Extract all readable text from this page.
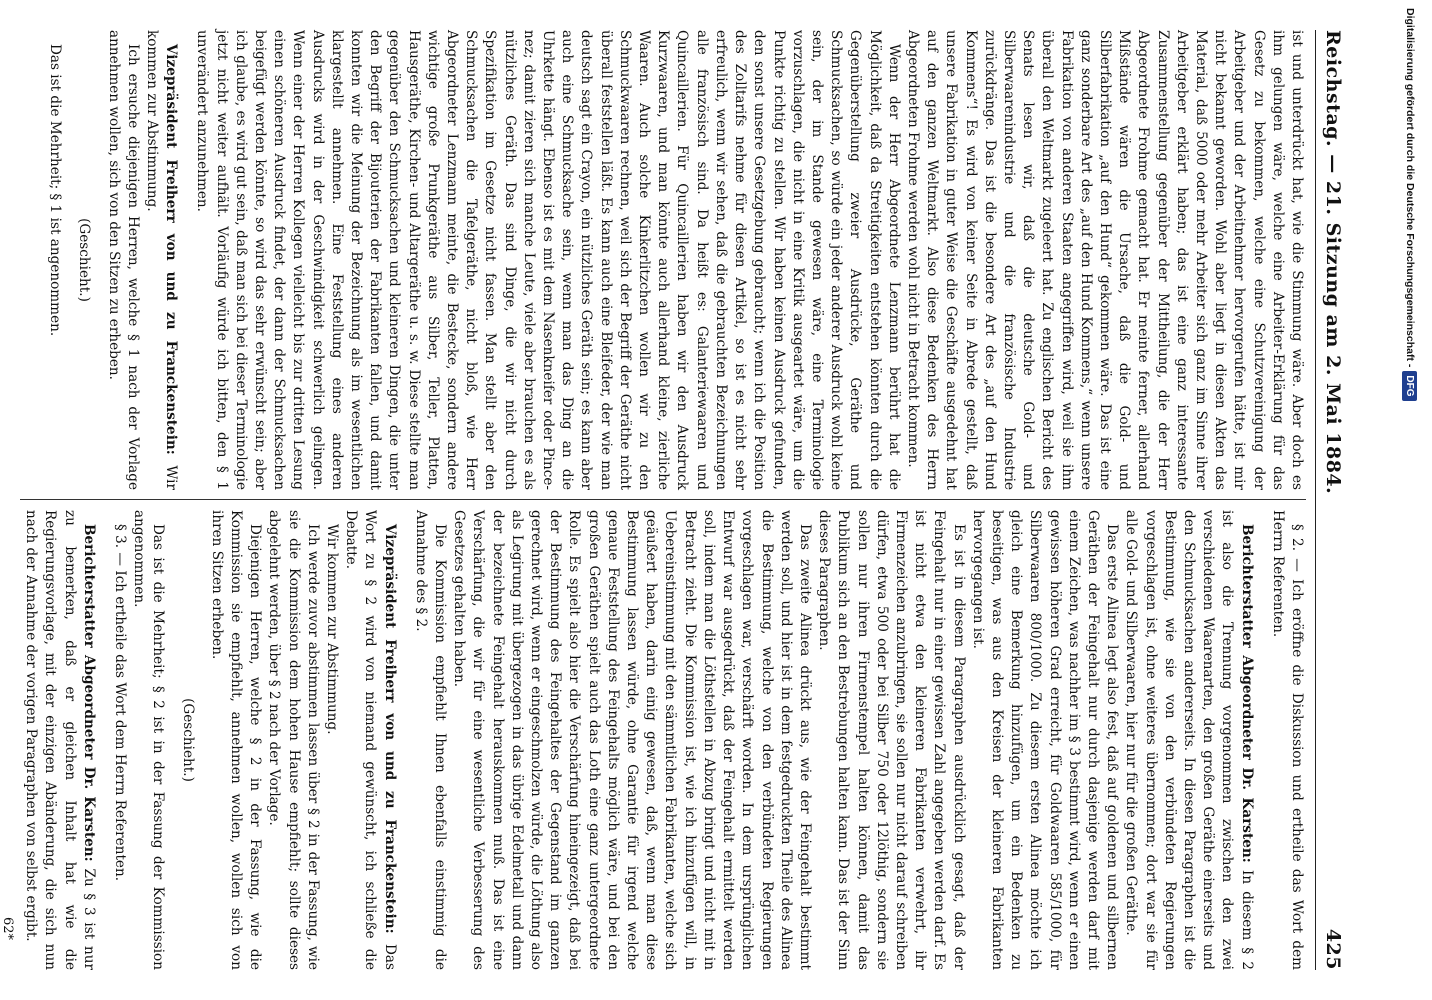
Reichstag. — 21. Sitzung am 2. Mai 1884.
425

ist und unterdrückt hat, wie die Stimmung wäre. Aber doch es ihm gelungen wäre, welche eine Arbeiter-Erklärung für das Gesetz zu bekommen, welche eine Schutzvereinigung der Arbeitgeber und der Arbeitnehmer hervorgerufen hätte, ist mir nicht bekannt geworden. Wohl aber liegt in diesen Akten das Material, daß 5000 oder mehr Arbeiter sich ganz im Sinne ihrer Arbeitgeber erklärt haben; das ist eine ganz interessante Zusammenstellung gegenüber der Mittheilung, die der Herr Abgeordnete Frohme gemacht hat. Er meinte ferner, allerhand Mißstände wären die Ursache, daß die Gold- und Silberfabrikation „auf den Hund“ gekommen wäre. Das ist eine ganz sonderbare Art des „auf den Hund Kommens,“ wenn unsere Fabrikation von anderen Staaten angegriffen wird, weil sie ihm überall den Weltmarkt zugeleert hat. Zu englischen Bericht des Senats lesen wir, daß die deutsche Gold- und Silberwaarenindustrie und die französische Industrie zurückdränge. Das ist die besondere Art des „auf den Hund Kommens“! Es wird von keiner Seite in Abrede gestellt, daß unsere Fabrikation in guter Weise die Geschäfte ausgedehnt hat auf den ganzen Weltmarkt. Also diese Bedenken des Herrn Abgeordneten Frohme werden wohl nicht in Betracht kommen.

Wenn der Herr Abgeordnete Lenzmann berührt hat die Möglichkeit, daß da Streitigkeiten entstehen könnten durch die Gegenüberstellung zweier Ausdrücke, Geräthe und Schmucksachen, so würde ein jeder anderer Ausdruck wohl keine sein, der im Stande gewesen wäre, eine Terminologie vorzuschlagen, die nicht in eine Kritik ausgeartet wäre, um die Punkte richtig zu stellen. Wir haben keinen Ausdruck gefunden, den sonst unsere Gesetzgebung gebraucht; wenn ich die Position des Zolltarifs nehme für diesen Artikel, so ist es nicht sehr erfreulich, wenn wir sehen, daß die gebrauchten Bezeichnungen alle französisch sind. Da heißt es: Galanteriewaaren und Quincaillerien. Für Quincaillerien haben wir den Ausdruck Kurzwaaren, und man könnte auch allerhand kleine, zierliche Waaren. Auch solche Kinkerlitzchen wollen wir zu den Schmuckwaaren rechnen, weil sich der Begriff der Geräthe nicht überall feststellen läßt. Es kann auch eine Bleifeder, der wie man deutsch sagt ein Crayon, ein nützliches Geräth sein; es kann aber auch eine Schmucksache sein, wenn man das Ding an die Uhrkette hängt. Ebenso ist es mit dem Nasenkneifer oder Pince-nez; damit zieren sich manche Leute, viele aber brauchen es als nützliches Geräth. Das sind Dinge, die wir nicht durch Spezifikation im Gesetze nicht fassen. Man stellt aber den Schmucksachen die Tafelgeräthe, nicht bloß, wie Herr Abgeordneter Lenzmann meinte, die Bestecke, sondern andere wichtige große Prunkgeräthe aus Silber, Teller, Platten, Hausgeräthe, Kirchen- und Altargeräthe u. s. w. Diese stellte man gegenüber den Schmucksachen und kleineren Dingen, die unter den Begriff der Bijouterien der Fabrikanten fallen, und damit konnten wir die Meinung der Bezeichnung als im wesentlichen klargestellt annehmen. Eine Feststellung eines anderen Ausdrucks wird in der Geschwindigkeit schwerlich gelingen. Wenn einer der Herren Kollegen vielleicht bis zur dritten Lesung einen schöneren Ausdruck findet, der dann der Schmucksachen beigefügt werden könnte, so wird das sehr erwünscht sein; aber ich glaube, es wird gut sein, daß man sich bei dieser Terminologie jetzt nicht weiter aufhält. Vorläufig würde ich bitten, den § 1 unverändert anzunehmen.

Vizepräsident Freiherr von und zu Franckenstein: Wir kommen zur Abstimmung.

Ich ersuche diejenigen Herren, welche § 1 nach der Vorlage annehmen wollen, sich von den Sitzen zu erheben.

(Geschieht.)

Das ist die Mehrheit; § 1 ist angenommen.

§ 2. — Ich eröffne die Diskussion und ertheile das Wort dem Herrn Referenten.

Berichterstatter Abgeordneter Dr. Karsten: In diesem § 2 ist also die Trennung vorgenommen zwischen den zwei verschiedenen Waarenarten, den großen Geräthe einerseits und den Schmucksachen andererseits. In diesen Paragraphen ist die Bestimmung, wie sie von den verbündeten Regierungen vorgeschlagen ist, ohne weiteres übernommen; dort war sie für alle Gold- und Silberwaaren, hier nur für die großen Geräthe.

Das erste Alinea legt also fest, daß auf goldenen und silbernen Geräthen der Feingehalt nur durch dasjenige werden darf mit einem Zeichen, was nachher im § 3 bestimmt wird, wenn er einen gewissen höheren Grad erreicht, für Goldwaaren 585/1000, für Silberwaaren 800/1000. Zu diesem ersten Alinea möchte ich gleich eine Bemerkung hinzufügen, um ein Bedenken zu beseitigen, was aus den Kreisen der kleineren Fabrikanten hervorgegangen ist.

Es ist in diesem Paragraphen ausdrücklich gesagt, daß der Feingehalt nur in einer gewissen Zahl angegeben werden darf. Es ist nicht etwa den kleineren Fabrikanten verwehrt, ihr Firmenzeichen anzubringen, sie sollen nur nicht darauf schreiben dürfen, etwa 500 oder bei Silber 750 oder 12löthig, sondern sie sollen nur ihren Firmenstempel halten können, damit das Publikum sich an den Bestrebungen halten kann. Das ist der Sinn dieses Paragraphen.

Das zweite Alinea drückt aus, wie der Feingehalt bestimmt werden soll, und hier ist in dem festgedruckten Theile des Alinea die Bestimmung, welche von den verbündeten Regierungen vorgeschlagen war, verschärft worden. In dem ursprünglichen Entwurf war ausgedrückt, daß der Feingehalt ermittelt werden soll, indem man die Löthstellen in Abzug bringt und nicht mit in Betracht zieht. Die Kommission ist, wie ich hinzufügen will, in Uebereinstimmung mit den sämmtlichen Fabrikanten, welche sich geäußert haben, darin einig gewesen, daß, wenn man diese Bestimmung lassen würde, ohne Garantie für irgend welche genaue Feststellung des Feingehalts möglich wäre, und bei den großen Geräthen spielt auch das Loth eine ganz untergeordnete Rolle. Es spielt also hier die Verschärfung hineingezeigt, daß bei der Bestimmung des Feingehaltes der Gegenstand im ganzen gerechnet wird, wenn er eingeschmolzen würde, die Löthung also als Legirung mit übergezogen in das übrige Edelmetall und dann der bezeichnete Feingehalt herauskommen muß. Das ist eine Verschärfung, die wir für eine wesentliche Verbesserung des Gesetzes gehalten haben.

Die Kommission empfiehlt Ihnen ebenfalls einstimmig die Annahme des § 2.

Vizepräsident Freiherr von und zu Franckenstein: Das Wort zu § 2 wird von niemand gewünscht, ich schließe die Debatte.

Wir kommen zur Abstimmung.

Ich werde zuvor abstimmen lassen über § 2 in der Fassung, wie sie die Kommission dem hohen Hause empfiehlt; sollte dieses abgelehnt werden, über § 2 nach der Vorlage.

Diejenigen Herren, welche § 2 in der Fassung, wie die Kommission sie empfiehlt, annehmen wollen, wollen sich von ihren Sitzen erheben.

(Geschieht.)

Das ist die Mehrheit; § 2 ist in der Fassung der Kommission angenommen.

§ 3. — Ich ertheile das Wort dem Herrn Referenten.

Berichterstatter Abgeordneter Dr. Karsten: Zu § 3 ist nur zu bemerken, daß er gleichen Inhalt hat wie die Regierungsvorlage, mit der einzigen Abänderung, die sich nun nach der Annahme der vorigen Paragraphen von selbst ergibt.

62*
Digitalisierung gefördert durch die Deutsche Forschungsgemeinschaft -
DFG
